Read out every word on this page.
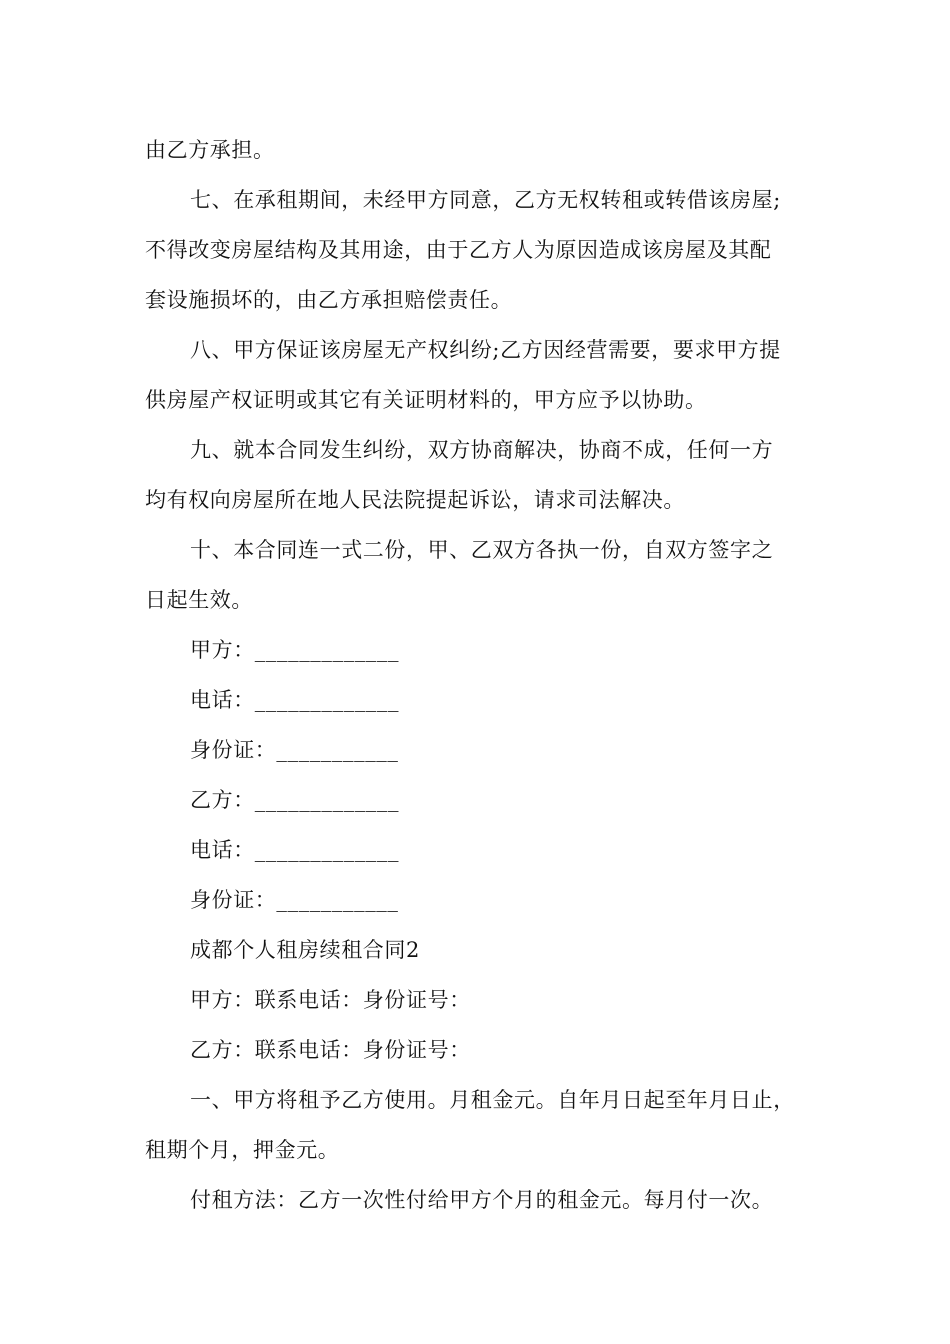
由乙方承担。
七、在承租期间，未经甲方同意，乙方无权转租或转借该房屋;
不得改变房屋结构及其用途，由于乙方人为原因造成该房屋及其配
套设施损坏的，由乙方承担赔偿责任。
八、甲方保证该房屋无产权纠纷;乙方因经营需要，要求甲方提
供房屋产权证明或其它有关证明材料的，甲方应予以协助。
九、就本合同发生纠纷，双方协商解决，协商不成，任何一方
均有权向房屋所在地人民法院提起诉讼，请求司法解决。
十、本合同连一式二份，甲、乙双方各执一份，自双方签字之
日起生效。
甲方：_____________
电话：_____________
身份证：___________
乙方：_____________
电话：_____________
身份证：___________
成都个人租房续租合同2
甲方：联系电话：身份证号：
乙方：联系电话：身份证号：
一、甲方将租予乙方使用。月租金元。自年月日起至年月日止，
租期个月，押金元。
付租方法：乙方一次性付给甲方个月的租金元。每月付一次。
